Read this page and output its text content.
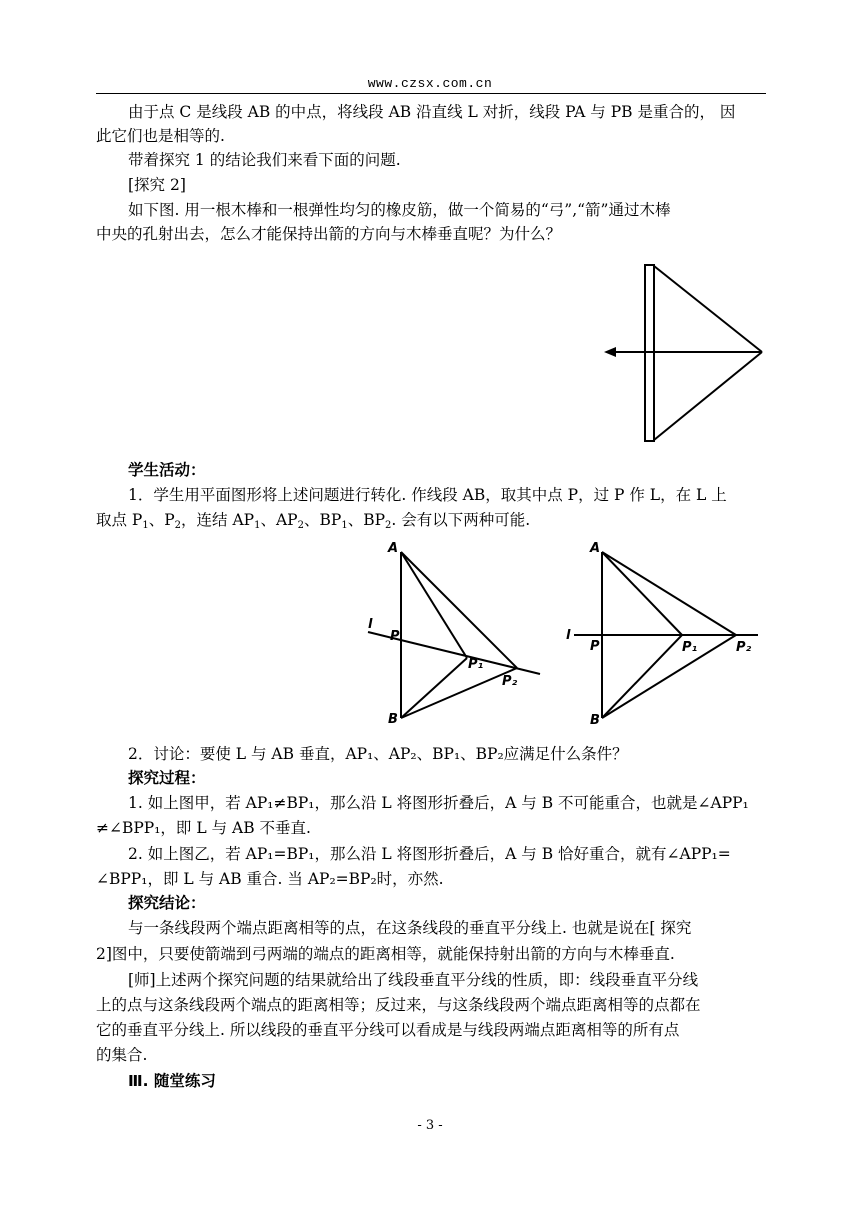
www.czsx.com.cn
由于点 C 是线段 AB 的中点，将线段 AB 沿直线 L 对折，线段 PA 与 PB 是重合的， 因
此它们也是相等的.
带着探究 1 的结论我们来看下面的问题.
[探究 2]
如下图. 用一根木棒和一根弹性均匀的橡皮筋，做一个简易的“弓”,“箭”通过木棒
中央的孔射出去，怎么才能保持出箭的方向与木棒垂直呢？为什么？
学生活动：
1．学生用平面图形将上述问题进行转化. 作线段 AB，取其中点 P，过 P 作 L，在 L 上
取点 $P_1$、$P_2$，连结 $AP_1$、$AP_2$、$BP_1$、$BP_2$. 会有以下两种可能.
A
B
P
l
P₁
P₂
A
B
P
l
P₁	P₂
2．讨论：要使 L 与 AB 垂直，AP₁、AP₂、BP₁、BP₂应满足什么条件？
探究过程：
1. 如上图甲，若 AP₁≠BP₁，那么沿 L 将图形折叠后，A 与 B 不可能重合，也就是∠APP₁
≠∠BPP₁，即 L 与 AB 不垂直.
2. 如上图乙，若 AP₁=BP₁，那么沿 L 将图形折叠后，A 与 B 恰好重合，就有∠APP₁=
∠BPP₁，即 L 与 AB 重合. 当 AP₂=BP₂时，亦然.
探究结论：
与一条线段两个端点距离相等的点，在这条线段的垂直平分线上. 也就是说在[ 探究
2]图中，只要使箭端到弓两端的端点的距离相等，就能保持射出箭的方向与木棒垂直.
[师]上述两个探究问题的结果就给出了线段垂直平分线的性质，即：线段垂直平分线
上的点与这条线段两个端点的距离相等；反过来，与这条线段两个端点距离相等的点都在
它的垂直平分线上. 所以线段的垂直平分线可以看成是与线段两端点距离相等的所有点
的集合.
Ⅲ. 随堂练习
- 3 -
